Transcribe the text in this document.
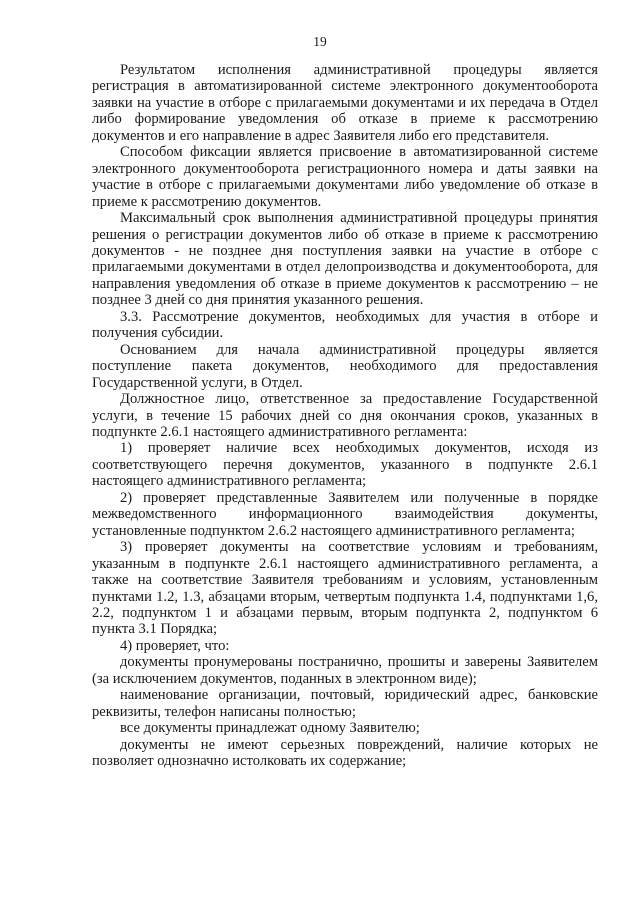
19

Результатом исполнения административной процедуры является регистрация в автоматизированной системе электронного документооборота заявки на участие в отборе с прилагаемыми документами и их передача в Отдел либо формирование уведомления об отказе в приеме к рассмотрению документов и его направление в адрес Заявителя либо его представителя.

Способом фиксации является присвоение в автоматизированной системе электронного документооборота регистрационного номера и даты заявки на участие в отборе с прилагаемыми документами либо уведомление об отказе в приеме к рассмотрению документов.

Максимальный срок выполнения административной процедуры принятия решения о регистрации документов либо об отказе в приеме к рассмотрению документов - не позднее дня поступления заявки на участие в отборе с прилагаемыми документами в отдел делопроизводства и документооборота, для направления уведомления об отказе в приеме документов к рассмотрению – не позднее 3 дней со дня принятия указанного решения.

3.3. Рассмотрение документов, необходимых для участия в отборе и получения субсидии.

Основанием для начала административной процедуры является поступление пакета документов, необходимого для предоставления Государственной услуги, в Отдел.

Должностное лицо, ответственное за предоставление Государственной услуги, в течение 15 рабочих дней со дня окончания сроков, указанных в подпункте 2.6.1 настоящего административного регламента:

1) проверяет наличие всех необходимых документов, исходя из соответствующего перечня документов, указанного в подпункте 2.6.1 настоящего административного регламента;

2) проверяет представленные Заявителем или полученные в порядке межведомственного информационного взаимодействия документы, установленные подпунктом 2.6.2 настоящего административного регламента;

3) проверяет документы на соответствие условиям и требованиям, указанным в подпункте 2.6.1 настоящего административного регламента, а также на соответствие Заявителя требованиям и условиям, установленным пунктами 1.2, 1.3, абзацами вторым, четвертым подпункта 1.4, подпунктами 1,6, 2.2, подпунктом 1 и абзацами первым, вторым подпункта 2, подпунктом 6 пункта 3.1 Порядка;

4) проверяет, что:

документы пронумерованы постранично, прошиты и заверены Заявителем (за исключением документов, поданных в электронном виде);

наименование организации, почтовый, юридический адрес, банковские реквизиты, телефон написаны полностью;

все документы принадлежат одному Заявителю;

документы не имеют серьезных повреждений, наличие которых не позволяет однозначно истолковать их содержание;
